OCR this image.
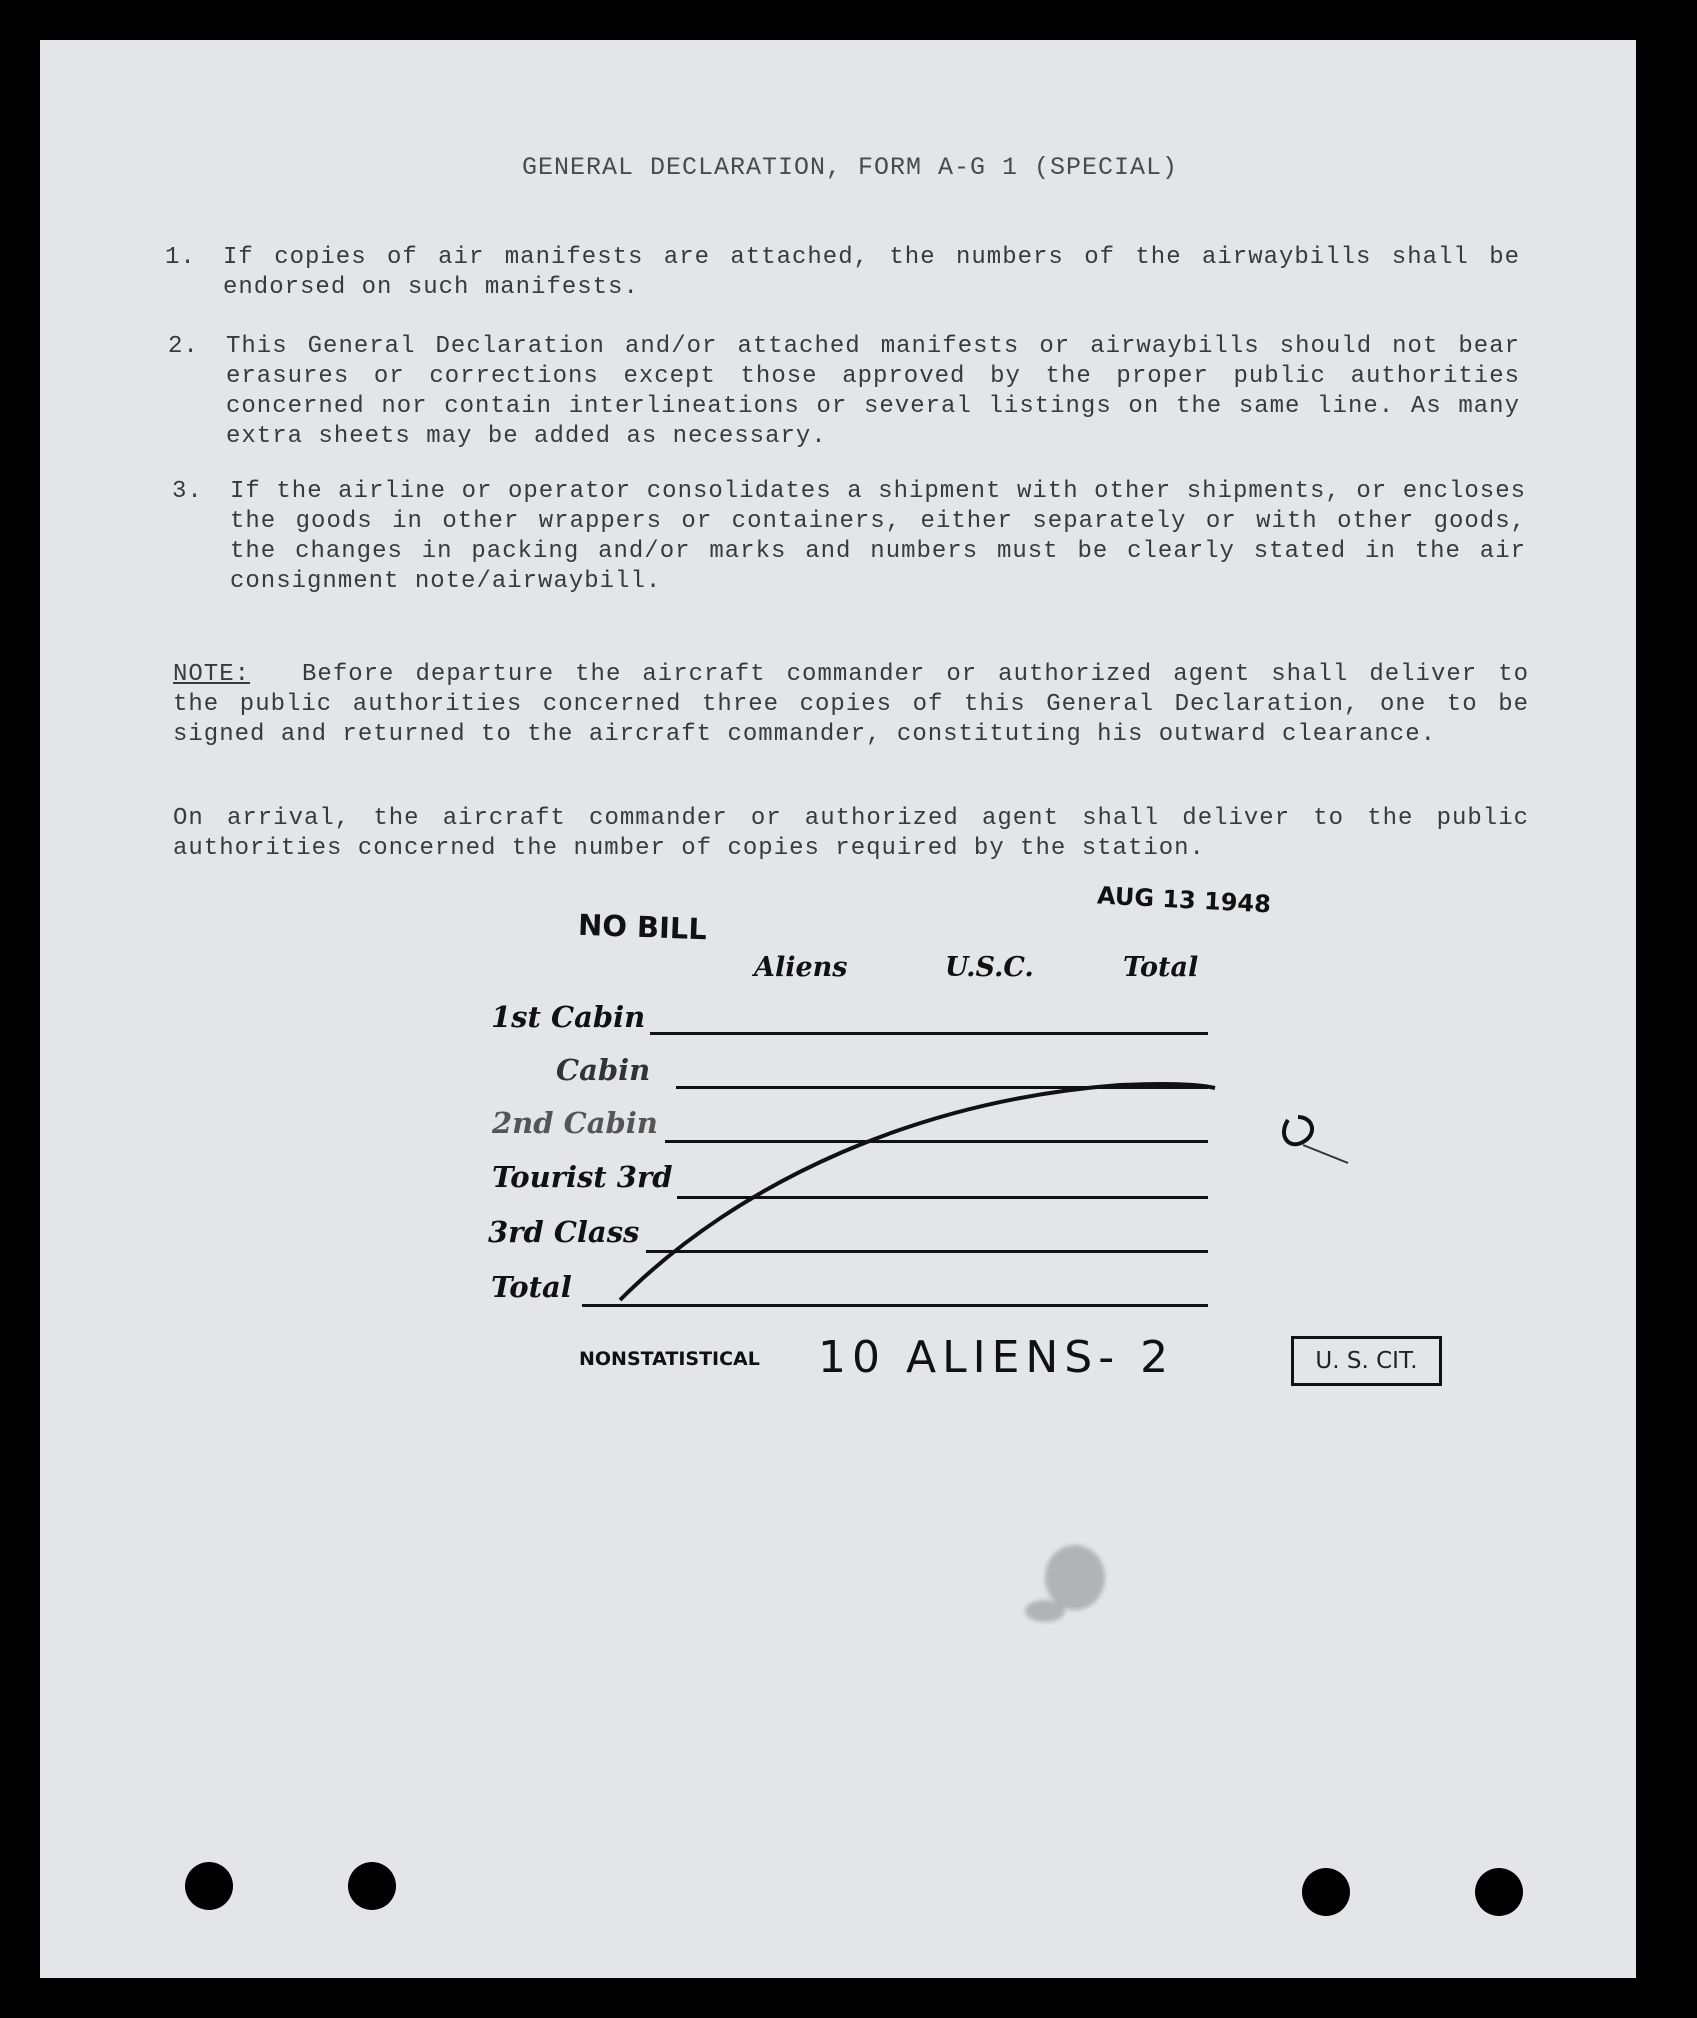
GENERAL DECLARATION, FORM A-G 1 (SPECIAL)
1. If copies of air manifests are attached, the numbers of the airwaybills shall be endorsed on such manifests.
2. This General Declaration and/or attached manifests or airwaybills should not bear erasures or corrections except those approved by the proper public authorities concerned nor contain interlineations or several listings on the same line. As many extra sheets may be added as necessary.
3. If the airline or operator consolidates a shipment with other shipments, or encloses the goods in other wrappers or containers, either separately or with other goods, the changes in packing and/or marks and numbers must be clearly stated in the air consignment note/airwaybill.
NOTE: Before departure the aircraft commander or authorized agent shall deliver to the public authorities concerned three copies of this General Declaration, one to be signed and returned to the aircraft commander, constituting his outward clearance.
On arrival, the aircraft commander or authorized agent shall deliver to the public authorities concerned the number of copies required by the station.
AUG 13 1948
NO BILL
Aliens	U.S.C.	Total
1st Cabin
Cabin
2nd Cabin
Tourist 3rd
3rd Class
Total
NONSTATISTICAL 10 ALIENS- 2	U. S. CIT.
